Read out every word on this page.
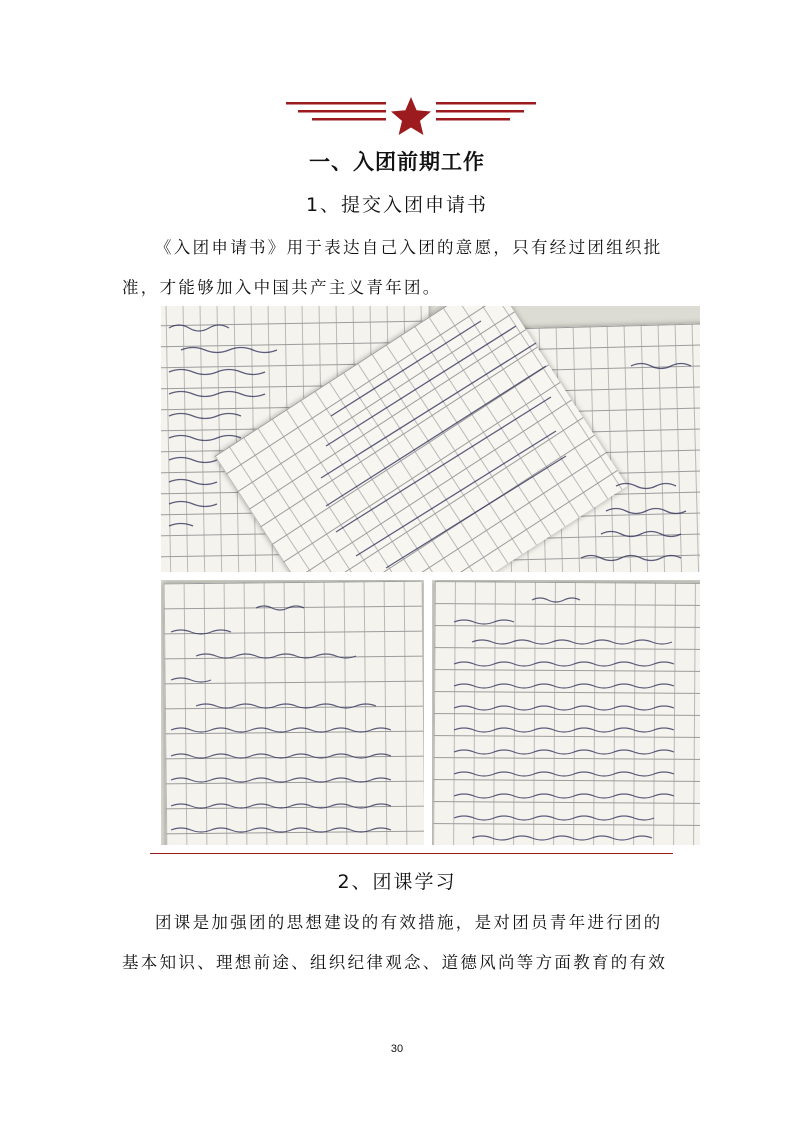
一、入团前期工作
1、提交入团申请书

《入团申请书》用于表达自己入团的意愿，只有经过团组织批准，才能够加入中国共产主义青年团。

2、团课学习

团课是加强团的思想建设的有效措施，是对团员青年进行团的基本知识、理想前途、组织纪律观念、道德风尚等方面教育的有效

30
